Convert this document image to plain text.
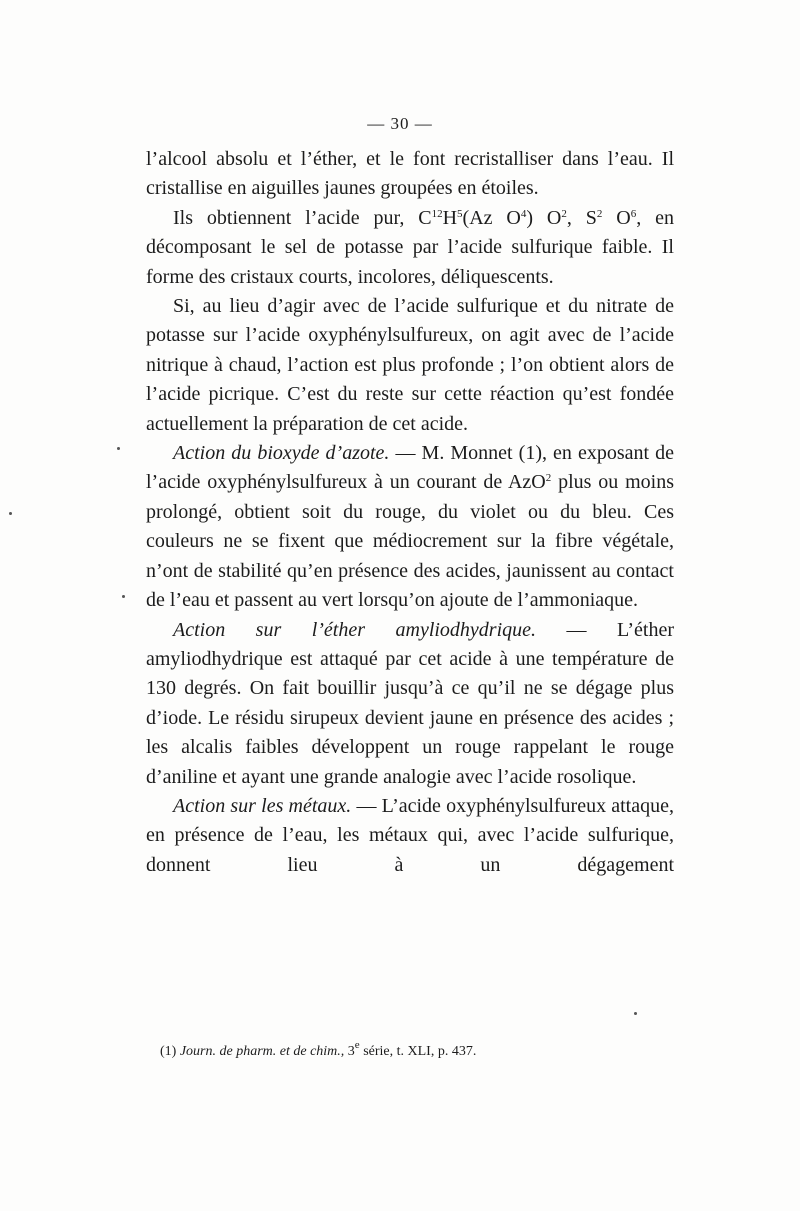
— 30 —

l’alcool absolu et l’éther, et le font recristalliser dans l’eau. Il cristallise en aiguilles jaunes groupées en étoiles.

Ils obtiennent l’acide pur, $C^{12}H^5(Az$ $O^4$) $O^2$, $S^2$ $O^6$, en décomposant le sel de potasse par l’acide sulfurique faible. Il forme des cristaux courts, incolores, déliquescents.

Si, au lieu d’agir avec de l’acide sulfurique et du nitrate de potasse sur l’acide oxyphénylsulfureux, on agit avec de l’acide nitrique à chaud, l’action est plus profonde ; l’on obtient alors de l’acide picrique. C’est du reste sur cette réaction qu’est fondée actuellement la préparation de cet acide.

Action du bioxyde d’azote. — M. Monnet (1), en exposant de l’acide oxyphénylsulfureux à un courant de AzO$^2$ plus ou moins prolongé, obtient soit du rouge, du violet ou du bleu. Ces couleurs ne se fixent que médiocrement sur la fibre végétale, n’ont de stabilité qu’en présence des acides, jaunissent au contact de l’eau et passent au vert lorsqu’on ajoute de l’ammoniaque.

Action sur l’éther amyliodhydrique. — L’éther amyliodhydrique est attaqué par cet acide à une température de 130 degrés. On fait bouillir jusqu’à ce qu’il ne se dégage plus d’iode. Le résidu sirupeux devient jaune en présence des acides ; les alcalis faibles développent un rouge rappelant le rouge d’aniline et ayant une grande analogie avec l’acide rosolique.

Action sur les métaux. — L’acide oxyphénylsulfureux attaque, en présence de l’eau, les métaux qui, avec l’acide sulfurique, donnent lieu à un dégagement

(1) Journ. de pharm. et de chim., 3e série, t. XLI, p. 437.
